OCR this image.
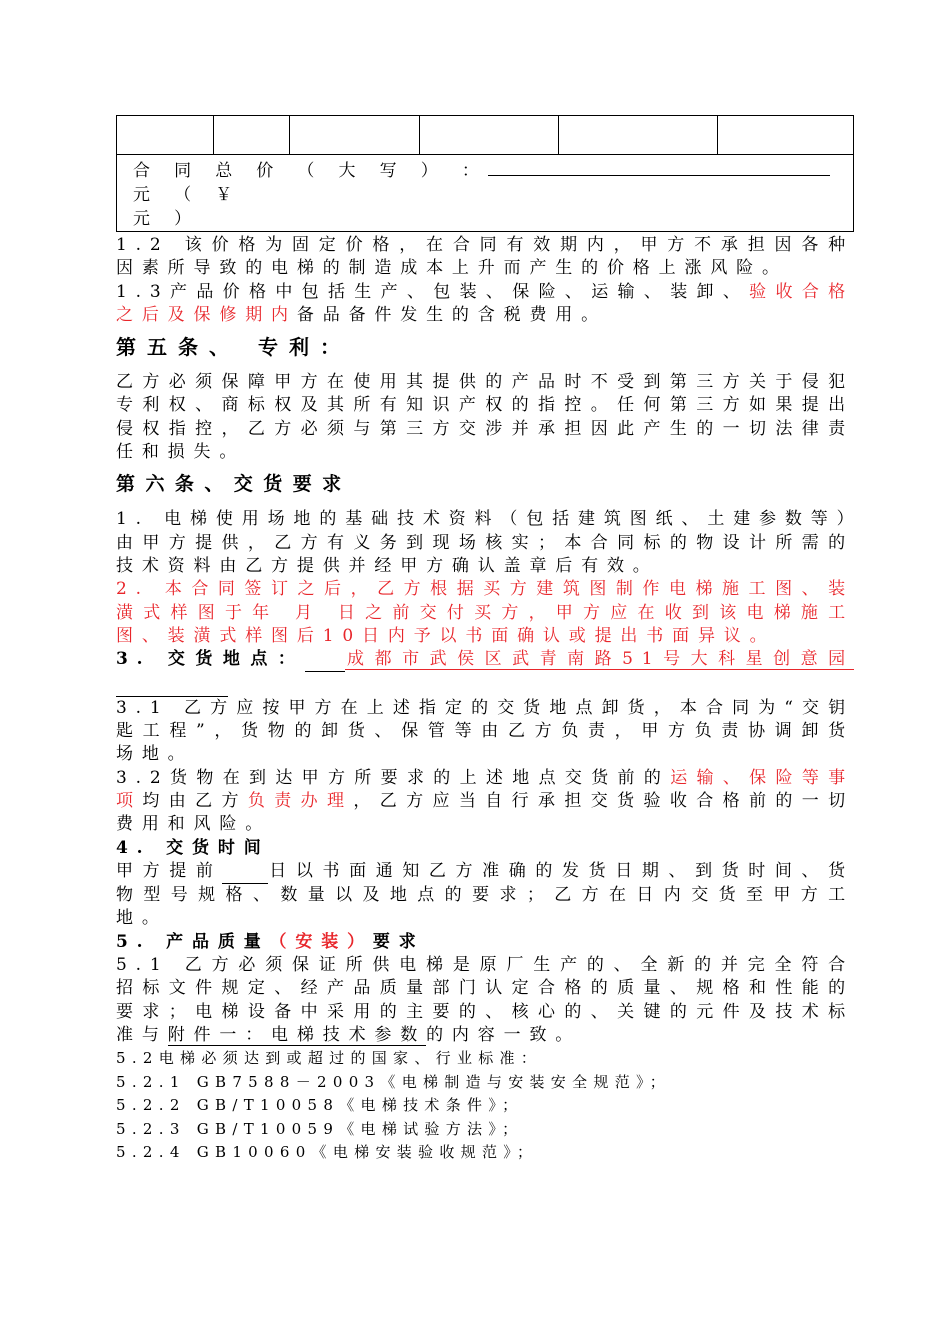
合 同 总 价 （ 大 写 ） ：元 （ ￥
元 ）

1.2 该价格为固定价格，在合同有效期内，甲方不承担因各种因素所导致的电梯的制造成本上升而产生的价格上涨风险。

1.3产品价格中包括生产、包装、保险、运输、装卸、验收合格之后及保修期内备品备件发生的含税费用。

第五条、 专利：

乙方必须保障甲方在使用其提供的产品时不受到第三方关于侵犯专利权、商标权及其所有知识产权的指控。任何第三方如果提出侵权指控，乙方必须与第三方交涉并承担因此产生的一切法律责任和损失。

第六条、交货要求

1. 电梯使用场地的基础技术资料（包括建筑图纸、土建参数等）由甲方提供，乙方有义务到现场核实；本合同标的物设计所需的技术资料由乙方提供并经甲方确认盖章后有效。

2. 本合同签订之后，乙方根据买方建筑图制作电梯施工图、装潢式样图于年 月 日之前交付买方，甲方应在收到该电梯施工图、装潢式样图后10日内予以书面确认或提出书面异议。

3. 交货地点： 成都市武侯区武青南路51号大科星创意园

3.1 乙方应按甲方在上述指定的交货地点卸货，本合同为“交钥匙工程”，货物的卸货、保管等由乙方负责，甲方负责协调卸货场地。

3.2货物在到达甲方所要求的上述地点交货前的运输、保险等事项均由乙方负责办理，乙方应当自行承担交货验收合格前的一切费用和风险。

4. 交货时间

甲方提前	日以书面通知乙方准确的发货日期、到货时间、货物型号规格、数量以及地点的要求；乙方在日内交货至甲方工地。

5. 产品质量（安装）要求

5.1 乙方必须保证所供电梯是原厂生产的、全新的并完全符合招标文件规定、经产品质量部门认定合格的质量、规格和性能的要求；电梯设备中采用的主要的、核心的、关键的元件及技术标准与附件一：电梯技术参数的内容一致。

5.2电梯必须达到或超过的国家、行业标准：

5.2.1 GB7588－2003《电梯制造与安装安全规范》；

5.2.2 GB/T10058《电梯技术条件》；

5.2.3 GB/T10059《电梯试验方法》；

5.2.4 GB10060《电梯安装验收规范》；
